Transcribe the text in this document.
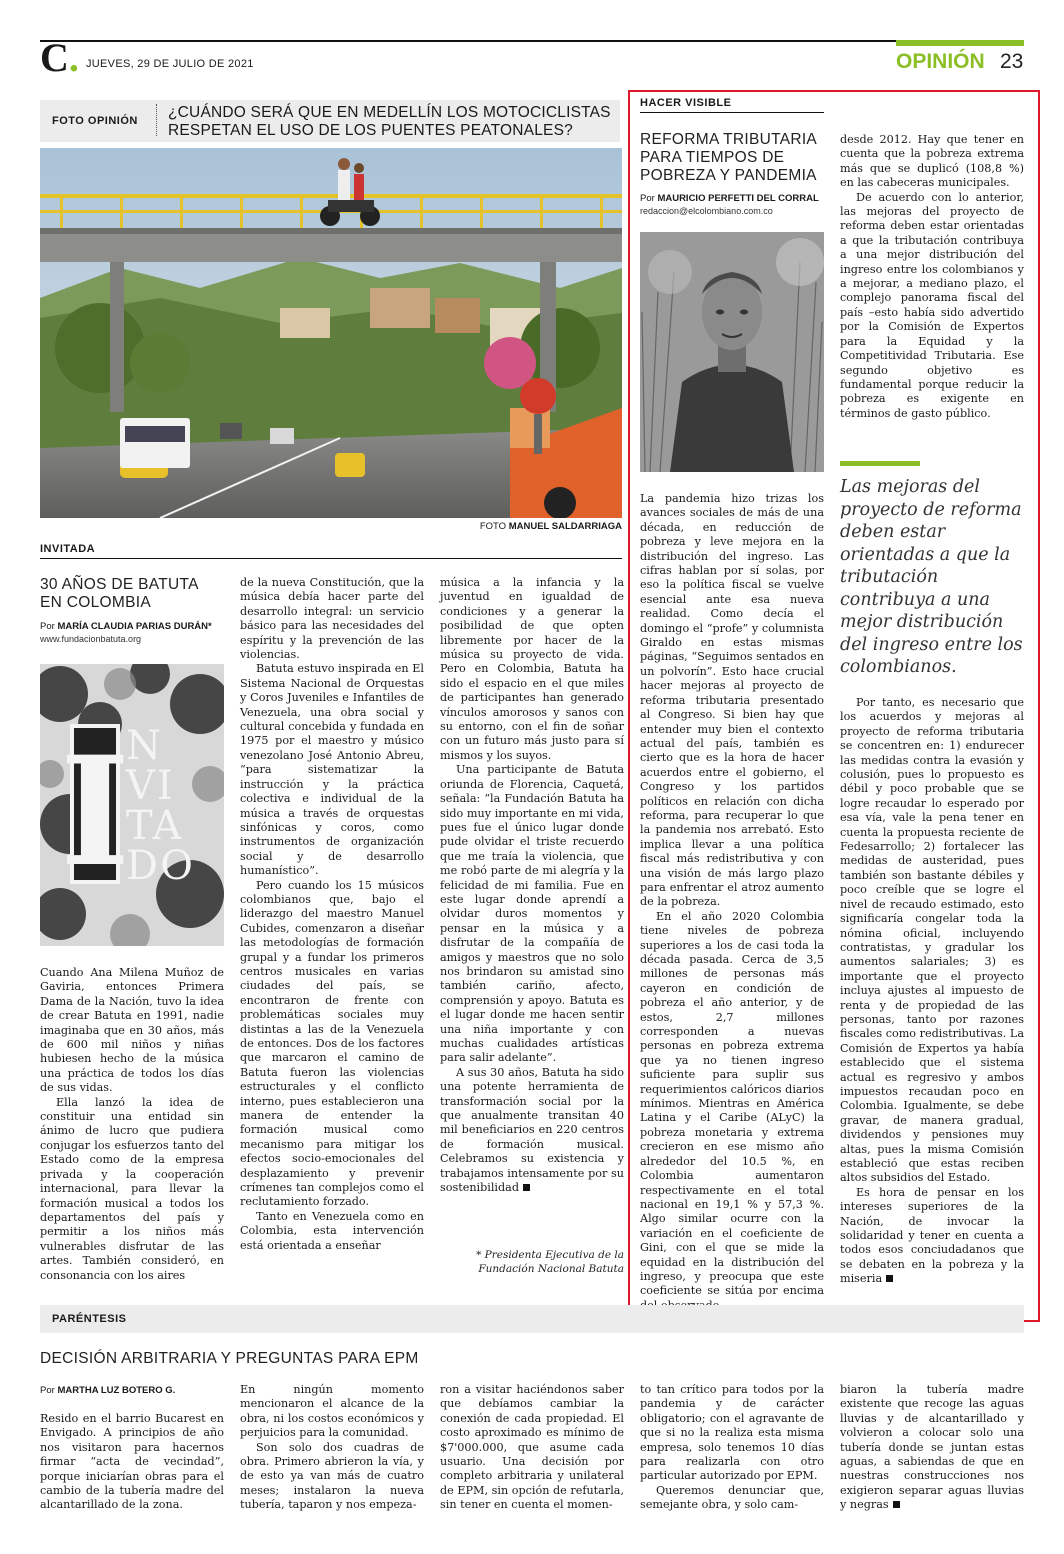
C. JUEVES, 29 DE JULIO DE 2021	OPINIÓN 23
FOTO OPINIÓN ¿CUÁNDO SERÁ QUE EN MEDELLÍN LOS MOTOCICLISTAS RESPETAN EL USO DE LOS PUENTES PEATONALES?
FOTO MANUEL SALDARRIAGA
INVITADA
30 AÑOS DE BATUTA
EN COLOMBIA
Por MARÍA CLAUDIA PARIAS DURÁN*
www.fundacionbatuta.org
I
N
VI
TA
DO

Cuando Ana Milena Muñoz de Gaviria, entonces Primera Dama de la Nación, tuvo la idea de crear Batuta en 1991, nadie imaginaba que en 30 años, más de 600 mil niños y niñas hubiesen hecho de la música una práctica de todos los días de sus vidas.

Ella lanzó la idea de constituir una entidad sin ánimo de lucro que pudiera conjugar los esfuerzos tanto del Estado como de la empresa privada y la cooperación internacional, para llevar la formación musical a todos los departamentos del país y permitir a los niños más vulnerables disfrutar de las artes. También consideró, en consonancia con los aires

de la nueva Constitución, que la música debía hacer parte del desarrollo integral: un servicio básico para las necesidades del espíritu y la prevención de las violencias.

Batuta estuvo inspirada en El Sistema Nacional de Orquestas y Coros Juveniles e Infantiles de Venezuela, una obra social y cultural concebida y fundada en 1975 por el maestro y músico venezolano José Antonio Abreu, “para sistematizar la instrucción y la práctica colectiva e individual de la música a través de orquestas sinfónicas y coros, como instrumentos de organización social y de desarrollo humanístico”.

Pero cuando los 15 músicos colombianos que, bajo el liderazgo del maestro Manuel Cubides, comenzaron a diseñar las metodologías de formación grupal y a fundar los primeros centros musicales en varias ciudades del país, se encontraron de frente con problemáticas sociales muy distintas a las de la Venezuela de entonces. Dos de los factores que marcaron el camino de Batuta fueron las violencias estructurales y el conflicto interno, pues establecieron una manera de entender la formación musical como mecanismo para mitigar los efectos socio-emocionales del desplazamiento y prevenir crímenes tan complejos como el reclutamiento forzado.

Tanto en Venezuela como en Colombia, esta intervención está orientada a enseñar

música a la infancia y la juventud en igualdad de condiciones y a generar la posibilidad de que opten libremente por hacer de la música su proyecto de vida. Pero en Colombia, Batuta ha sido el espacio en el que miles de participantes han generado vínculos amorosos y sanos con su entorno, con el fin de soñar con un futuro más justo para sí mismos y los suyos.

Una participante de Batuta oriunda de Florencia, Caquetá, señala: “la Fundación Batuta ha sido muy importante en mi vida, pues fue el único lugar donde pude olvidar el triste recuerdo que me traía la violencia, que me robó parte de mi alegría y la felicidad de mi familia. Fue en este lugar donde aprendí a olvidar duros momentos y pensar en la música y a disfrutar de la compañía de amigos y maestros que no solo nos brindaron su amistad sino también cariño, afecto, comprensión y apoyo. Batuta es el lugar donde me hacen sentir una niña importante y con muchas cualidades artísticas para salir adelante”.

A sus 30 años, Batuta ha sido una potente herramienta de transformación social por la que anualmente transitan 40 mil beneficiarios en 220 centros de formación musical. Celebramos su existencia y trabajamos intensamente por su sostenibilidad

* Presidenta Ejecutiva de la Fundación Nacional Batuta
HACER VISIBLE
REFORMA TRIBUTARIA
PARA TIEMPOS DE
POBREZA Y PANDEMIA
Por MAURICIO PERFETTI DEL CORRAL
redaccion@elcolombiano.com.co

La pandemia hizo trizas los avances sociales de más de una década, en reducción de pobreza y leve mejora en la distribución del ingreso. Las cifras hablan por sí solas, por eso la política fiscal se vuelve esencial ante esa nueva realidad. Como decía el domingo el “profe” y columnista Giraldo en estas mismas páginas, “Seguimos sentados en un polvorín”. Esto hace crucial hacer mejoras al proyecto de reforma tributaria presentado al Congreso. Si bien hay que entender muy bien el contexto actual del país, también es cierto que es la hora de hacer acuerdos entre el gobierno, el Congreso y los partidos políticos en relación con dicha reforma, para recuperar lo que la pandemia nos arrebató. Esto implica llevar a una política fiscal más redistributiva y con una visión de más largo plazo para enfrentar el atroz aumento de la pobreza.

En el año 2020 Colombia tiene niveles de pobreza superiores a los de casi toda la década pasada. Cerca de 3,5 millones de personas más cayeron en condición de pobreza el año anterior, y de estos, 2,7 millones corresponden a nuevas personas en pobreza extrema que ya no tienen ingreso suficiente para suplir sus requerimientos calóricos diarios mínimos. Mientras en América Latina y el Caribe (ALyC) la pobreza monetaria y extrema crecieron en ese mismo año alrededor del 10.5 %, en Colombia aumentaron respectivamente en el total nacional en 19,1 % y 57,3 %. Algo similar ocurre con la variación en el coeficiente de Gini, con el que se mide la equidad en la distribución del ingreso, y preocupa que este coeficiente se sitúa por encima

desde 2012. Hay que tener en cuenta que la pobreza extrema más que se duplicó (108,8 %) en las cabeceras municipales.

De acuerdo con lo anterior, las mejoras del proyecto de reforma deben estar orientadas a que la tributación contribuya a una mejor distribución del ingreso entre los colombianos y a mejorar, a mediano plazo, el complejo panorama fiscal del país –esto había sido advertido por la Comisión de Expertos para la Equidad y la Competitividad Tributaria. Ese segundo objetivo es fundamental porque reducir la pobreza es exigente en términos de gasto público.

Las mejoras del proyecto de reforma deben estar orientadas a que la tributación contribuya a una mejor distribución del ingreso entre los colombianos.

Por tanto, es necesario que los acuerdos y mejoras al proyecto de reforma tributaria se concentren en: 1) endurecer las medidas contra la evasión y colusión, pues lo propuesto es débil y poco probable que se logre recaudar lo esperado por esa vía, vale la pena tener en cuenta la propuesta reciente de Fedesarrollo; 2) fortalecer las medidas de austeridad, pues también son bastante débiles y poco creíble que se logre el nivel de recaudo estimado, esto significaría congelar toda la nómina oficial, incluyendo contratistas, y gradular los aumentos salariales; 3) es importante que el proyecto incluya ajustes al impuesto de renta y de propiedad de las personas, tanto por razones fiscales como redistributivas. La Comisión de Expertos ya había establecido que el sistema actual es regresivo y ambos impuestos recaudan poco en Colombia. Igualmente, se debe gravar, de manera gradual, dividendos y pensiones muy altas, pues la misma Comisión estableció que estas reciben altos subsidios del Estado.

Es hora de pensar en los intereses superiores de la Nación, de invocar la solidaridad y tener en cuenta a todos esos conciudadanos que se debaten en la pobreza y la miseria

PARÉNTESIS
DECISIÓN ARBITRARIA Y PREGUNTAS PARA EPM
Por MARTHA LUZ BOTERO G.

Resido en el barrio Bucarest en Envigado. A principios de año nos visitaron para hacernos firmar “acta de vecindad”, porque iniciarían obras para el cambio de la tubería madre del alcantarillado de la zona.

En ningún momento mencionaron el alcance de la obra, ni los costos económicos y perjuicios para la comunidad.

Son solo dos cuadras de obra. Primero abrieron la vía, y de esto ya van más de cuatro meses; instalaron la nueva tubería, taparon y nos empeza-

ron a visitar haciéndonos saber que debíamos cambiar la conexión de cada propiedad. El costo aproximado es mínimo de $7'000.000, que asume cada usuario. Una decisión por completo arbitraria y unilateral de EPM, sin opción de refutarla, sin tener en cuenta el momen-

to tan crítico para todos por la pandemia y de carácter obligatorio; con el agravante de que si no la realiza esta misma empresa, solo tenemos 10 días para realizarla con otro particular autorizado por EPM.

Queremos denunciar que, semejante obra, y solo cam-

biaron la tubería madre existente que recoge las aguas lluvias y de alcantarillado y volvieron a colocar solo una tubería donde se juntan estas aguas, a sabiendas de que en nuestras construcciones nos exigieron separar aguas lluvias y negras
